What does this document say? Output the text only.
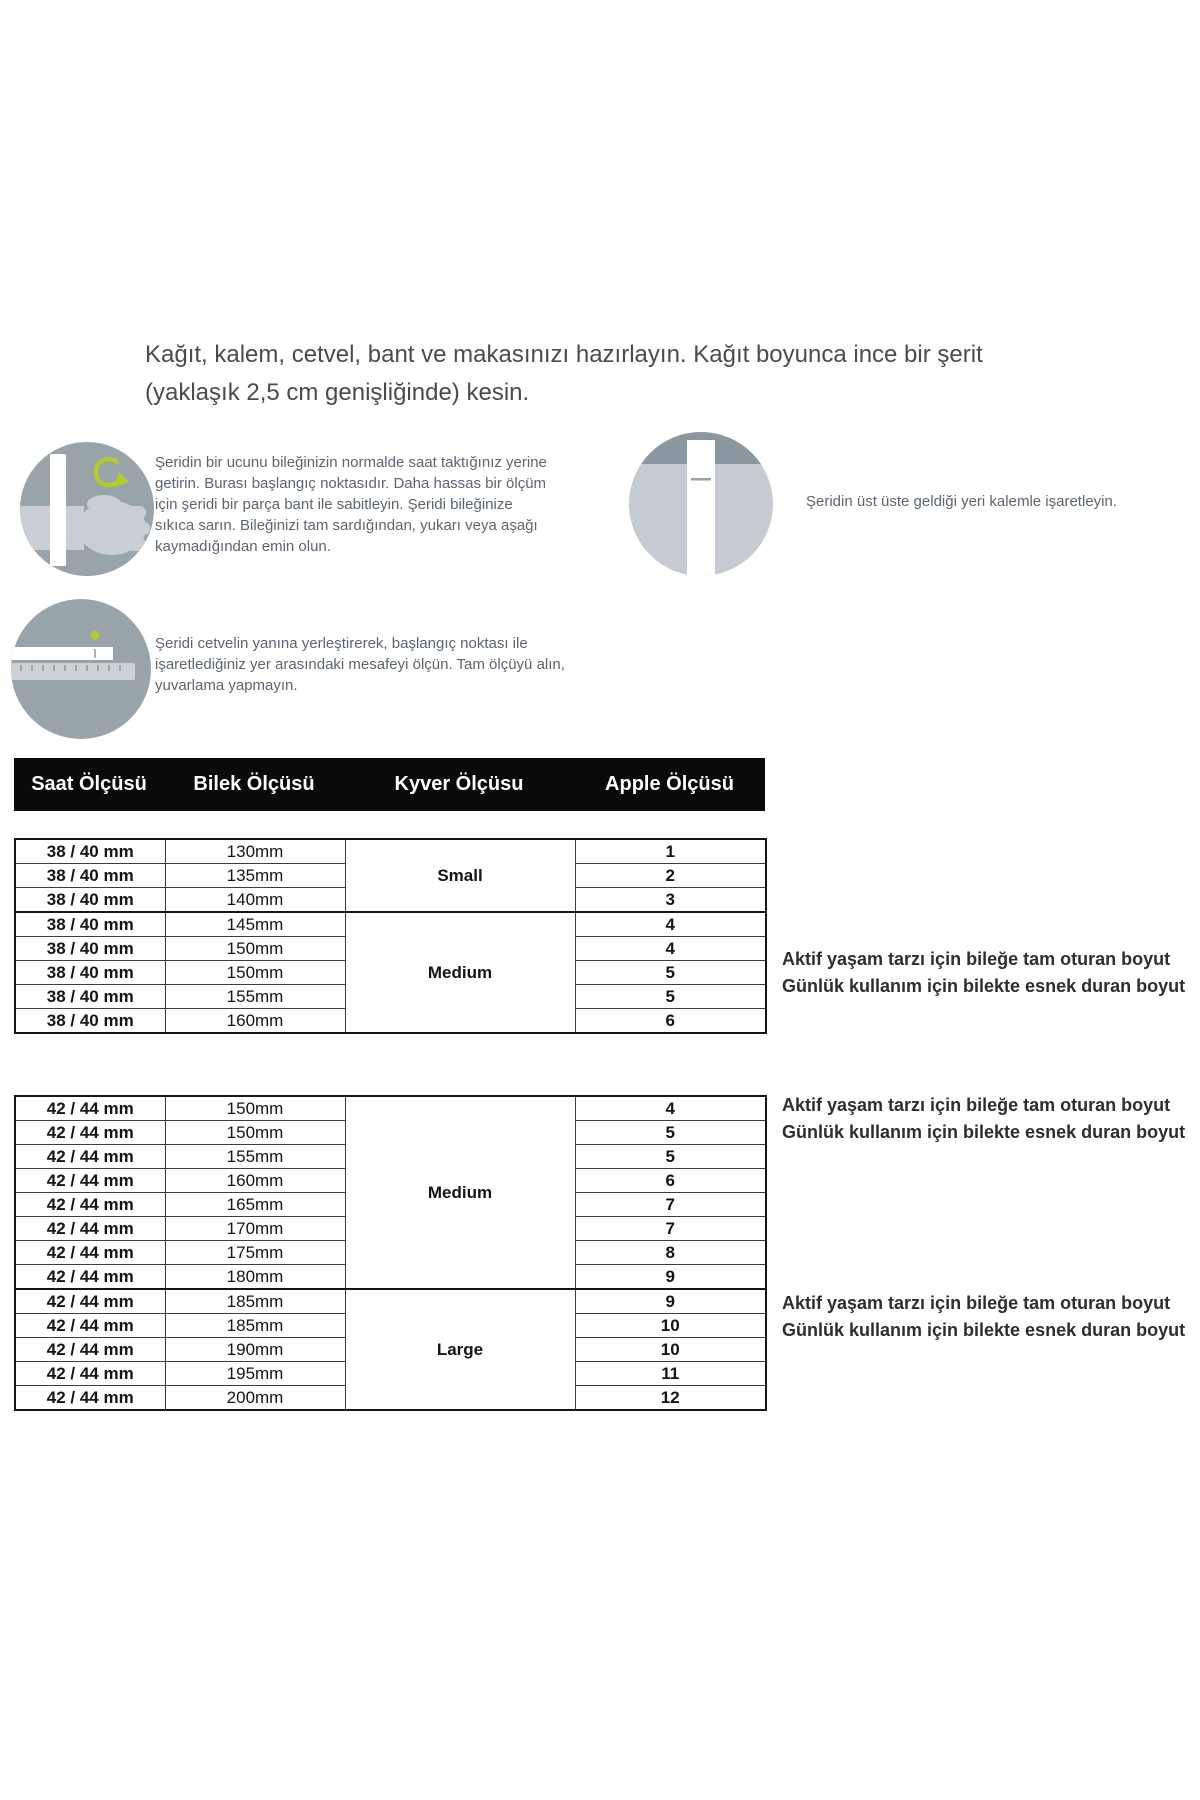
Kağıt, kalem, cetvel, bant ve makasınızı hazırlayın. Kağıt boyunca ince bir şerit
(yaklaşık 2,5 cm genişliğinde) kesin.
Şeridin bir ucunu bileğinizin normalde saat taktığınız yerine getirin. Burası başlangıç noktasıdır. Daha hassas bir ölçüm için şeridi bir parça bant ile sabitleyin. Şeridi bileğinize sıkıca sarın. Bileğinizi tam sardığından, yukarı veya aşağı kaymadığından emin olun.
Şeridin üst üste geldiği yeri kalemle işaretleyin.
Şeridi cetvelin yanına yerleştirerek, başlangıç noktası ile işaretlediğiniz yer arasındaki mesafeyi ölçün. Tam ölçüyü alın, yuvarlama yapmayın.
Saat Ölçüsü	Bilek Ölçüsü	Kyver Ölçüsu	Apple Ölçüsü
38 / 40 mm	130mm	Small	1
38 / 40 mm	135mm		2
38 / 40 mm	140mm		3
38 / 40 mm	145mm	Medium	4
38 / 40 mm	150mm		4
38 / 40 mm	150mm		5
38 / 40 mm	155mm		5
38 / 40 mm	160mm		6
42 / 44 mm	150mm	Medium	4
42 / 44 mm	150mm		5
42 / 44 mm	155mm		5
42 / 44 mm	160mm		6
42 / 44 mm	165mm		7
42 / 44 mm	170mm		7
42 / 44 mm	175mm		8
42 / 44 mm	180mm		9
42 / 44 mm	185mm	Large	9
42 / 44 mm	185mm		10
42 / 44 mm	190mm		10
42 / 44 mm	195mm		11
42 / 44 mm	200mm		12
Aktif yaşam tarzı için bileğe tam oturan boyut
Günlük kullanım için bilekte esnek duran boyut
Aktif yaşam tarzı için bileğe tam oturan boyut
Günlük kullanım için bilekte esnek duran boyut
Aktif yaşam tarzı için bileğe tam oturan boyut
Günlük kullanım için bilekte esnek duran boyut
